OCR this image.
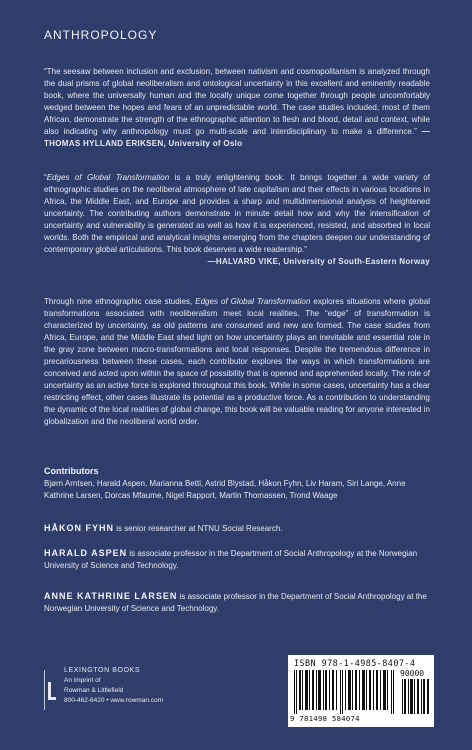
ANTHROPOLOGY

“The seesaw between inclusion and exclusion, between nativism and cosmopolitanism is analyzed through the dual prisms of global neoliberalism and ontological uncertainty in this excellent and eminently readable book, where the universally human and the locally unique come together through people uncomfortably wedged between the hopes and fears of an unpredictable world. The case studies included, most of them African, demonstrate the strength of the ethnographic attention to flesh and blood, detail and context, while also indicating why anthropology must go multi-scale and interdisciplinary to make a difference.” —THOMAS HYLLAND ERIKSEN, University of Oslo

“Edges of Global Transformation is a truly enlightening book. It brings together a wide variety of ethnographic studies on the neoliberal atmosphere of late capitalism and their effects in various locations in Africa, the Middle East, and Europe and provides a sharp and multidimensional analysis of heightened uncertainty. The contributing authors demonstrate in minute detail how and why the intensification of uncertainty and vulnerability is generated as well as how it is experienced, resisted, and absorbed in local worlds. Both the empirical and analytical insights emerging from the chapters deepen our understanding of contemporary global articulations. This book deserves a wide readership.”

—HALVARD VIKE, University of South-Eastern Norway

Through nine ethnographic case studies, Edges of Global Transformation explores situations where global transformations associated with neoliberalism meet local realities. The “edge” of transformation is characterized by uncertainty, as old patterns are consumed and new are formed. The case studies from Africa, Europe, and the Middle East shed light on how uncertainty plays an inevitable and essential role in the gray zone between macro-transformations and local responses. Despite the tremendous difference in precariousness between these cases, each contributor explores the ways in which transformations are conceived and acted upon within the space of possibility that is opened and apprehended locally. The role of uncertainty as an active force is explored throughout this book. While in some cases, uncertainty has a clear restricting effect, other cases illustrate its potential as a productive force. As a contribution to understanding the dynamic of the local realities of global change, this book will be valuable reading for anyone interested in globalization and the neoliberal world order.

Contributors
Bjørn Arntsen, Harald Aspen, Marianna Betti, Astrid Blystad, Håkon Fyhn, Liv Haram, Siri Lange, Anne Kathrine Larsen, Dorcas Mfaume, Nigel Rapport, Martin Thomassen, Trond Waage
HÅKON FYHN is senior researcher at NTNU Social Research.
HARALD ASPEN is associate professor in the Department of Social Anthropology at the Norwegian University of Science and Technology.
ANNE KATHRINE LARSEN is associate professor in the Department of Social Anthropology at the Norwegian University of Science and Technology.
LEXINGTON BOOKS
An imprint of
Rowman & Littlefield
800-462-6420 • www.rowman.com
ISBN 978-1-4985-8407-4
90000
9 781498 584074
